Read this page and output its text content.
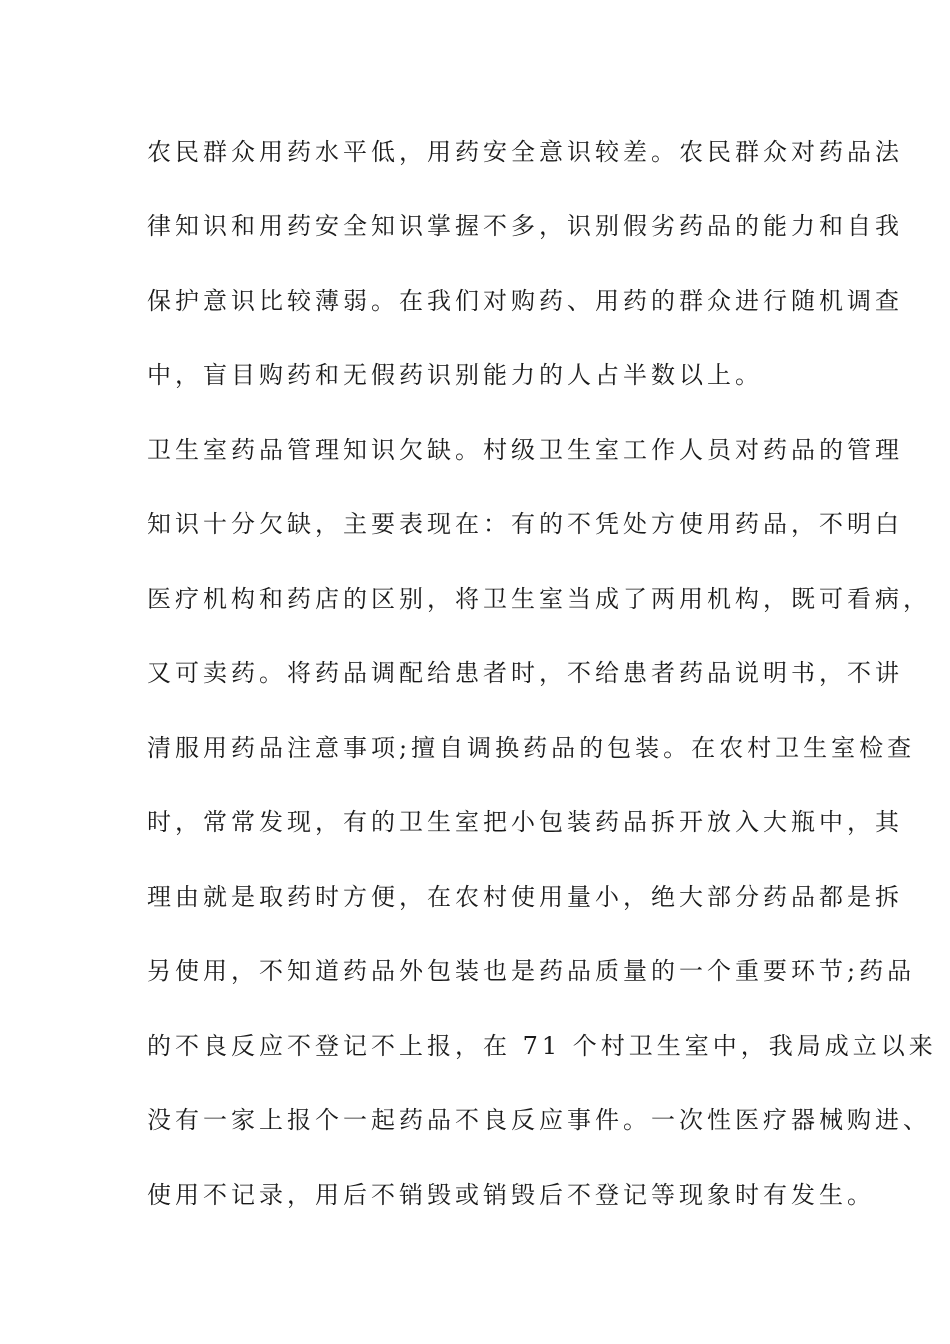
农民群众用药水平低，用药安全意识较差。农民群众对药品法
律知识和用药安全知识掌握不多，识别假劣药品的能力和自我
保护意识比较薄弱。在我们对购药、用药的群众进行随机调查
中，盲目购药和无假药识别能力的人占半数以上。
卫生室药品管理知识欠缺。村级卫生室工作人员对药品的管理
知识十分欠缺，主要表现在：有的不凭处方使用药品，不明白
医疗机构和药店的区别，将卫生室当成了两用机构，既可看病，
又可卖药。将药品调配给患者时，不给患者药品说明书，不讲
清服用药品注意事项;擅自调换药品的包装。在农村卫生室检查
时，常常发现，有的卫生室把小包装药品拆开放入大瓶中，其
理由就是取药时方便，在农村使用量小，绝大部分药品都是拆
另使用，不知道药品外包装也是药品质量的一个重要环节;药品
的不良反应不登记不上报，在 71 个村卫生室中，我局成立以来
没有一家上报个一起药品不良反应事件。一次性医疗器械购进、
使用不记录，用后不销毁或销毁后不登记等现象时有发生。
